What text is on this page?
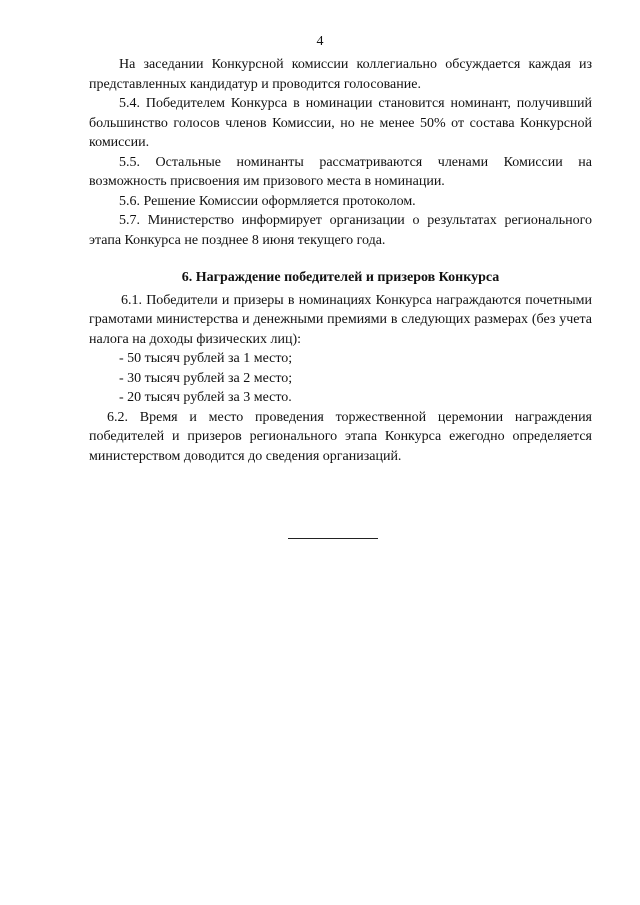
4

На заседании Конкурсной комиссии коллегиально обсуждается каждая из представленных кандидатур и проводится голосование.

5.4. Победителем Конкурса в номинации становится номинант, получивший большинство голосов членов Комиссии, но не менее 50% от состава Конкурсной комиссии.

5.5. Остальные номинанты рассматриваются членами Комиссии на возможность присвоения им призового места в номинации.

5.6. Решение Комиссии оформляется протоколом.

5.7. Министерство информирует организации о результатах регионального этапа Конкурса не позднее 8 июня текущего года.

6. Награждение победителей и призеров Конкурса

6.1. Победители и призеры в номинациях Конкурса награждаются почетными грамотами министерства и денежными премиями в следующих размерах (без учета налога на доходы физических лиц):

- 50 тысяч рублей за 1 место;

- 30 тысяч рублей за 2 место;

- 20 тысяч рублей за 3 место.

6.2. Время и место проведения торжественной церемонии награждения победителей и призеров регионального этапа Конкурса ежегодно определяется министерством доводится до сведения организаций.
